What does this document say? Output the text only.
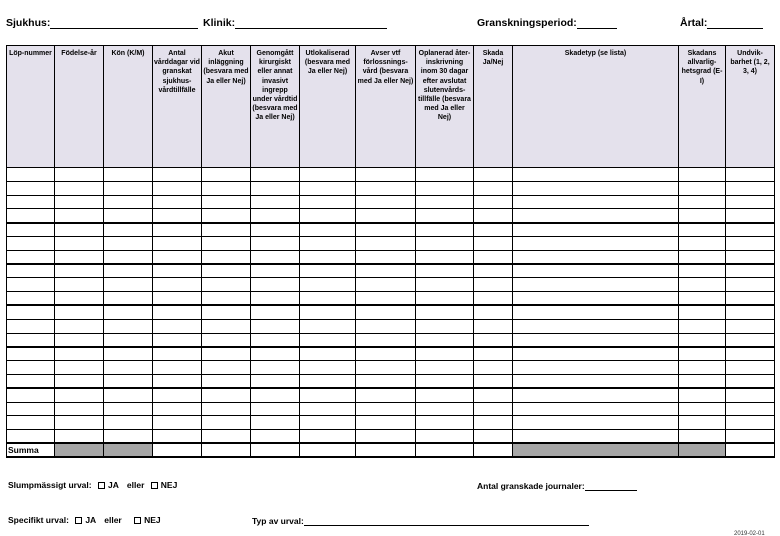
Sjukhus:	Klinik:	Granskningsperiod:	Årtal:
Löp-nummer	Födelse-år	Kön (K/M)	Antal vårddagar vid granskat sjukhus-vårdtillfälle	Akut inläggning (besvara med Ja eller Nej)	Genomgått kirurgiskt eller annat invasivt ingrepp under vårdtid (besvara med Ja eller Nej)	Utlokaliserad (besvara med Ja eller Nej)	Avser vtf förlossnings-vård (besvara med Ja eller Nej)	Oplanerad åter-inskrivning inom 30 dagar efter avslutat slutenvårds-tillfälle (besvara med Ja eller Nej)	Skada Ja/Nej	Skadetyp (se lista)	Skadans allvarlig-hetsgrad (E-I)	Undvik-barhet (1, 2, 3, 4)

Summa												
Slumpmässigt urval: JA eller NEJ	Antal granskade journaler:
Specifikt urval: JA eller	NEJ	Typ av urval:
2019-02-01
